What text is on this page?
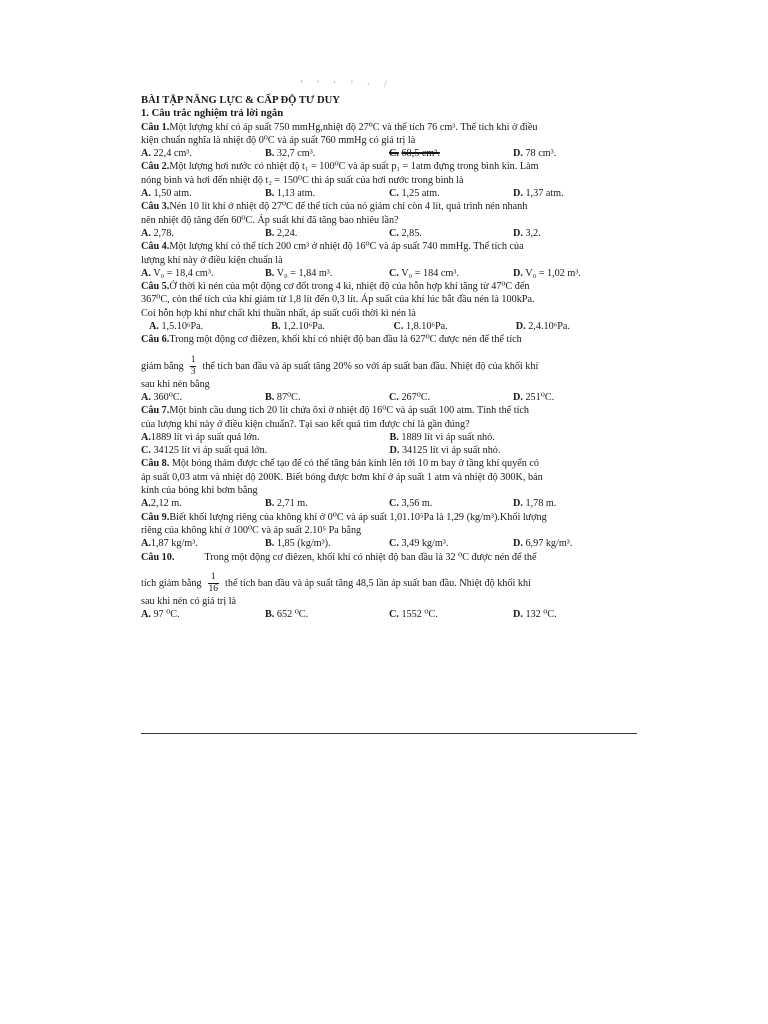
’ ’ ‘ ’ · /
BÀI TẬP NĂNG LỰC & CẤP ĐỘ TƯ DUY
1. Câu trắc nghiệm trả lời ngắn
Câu 1.Một lượng khí có áp suất 750 mmHg,nhiệt độ 27⁰C và thể tích 76 cm³. Thể tích khí ở điều
kiện chuẩn nghĩa là nhiệt độ 0⁰C và áp suất 760 mmHg có giá trị là
A. 22,4 cm³.	B. 32,7 cm³.	C. 68,5 cm³.	D. 78 cm³.
Câu 2.Một lượng hơi nước có nhiệt độ t₁ = 100⁰C và áp suất p₁ = 1atm đựng trong bình kín. Làm
nóng bình và hơi đến nhiệt độ t₂ = 150⁰C thì áp suất của hơi nước trong bình là
A. 1,50 atm.	B. 1,13 atm.	C. 1,25 atm.	D. 1,37 atm.
Câu 3.Nén 10 lít khí ở nhiệt độ 27⁰C để thể tích của nó giảm chỉ còn 4 lít, quá trình nén nhanh
nên nhiệt độ tăng đến 60⁰C. Áp suất khí đã tăng bao nhiêu lần?
A. 2,78.	B. 2,24.	C. 2,85.	D. 3,2.
Câu 4.Một lượng khí có thể tích 200 cm³ ở nhiệt độ 16⁰C và áp suất 740 mmHg. Thể tích của
lượng khí này ở điều kiện chuẩn là
A. V₀ = 18,4 cm³.	B. V₀ = 1,84 m³.	C. V₀ = 184 cm³.	D. V₀ = 1,02 m³.
Câu 5.Ở thời kì nén của một động cơ đốt trong 4 kì, nhiệt độ của hỗn hợp khí tăng từ 47⁰C đến
367⁰C, còn thể tích của khí giảm từ 1,8 lít đến 0,3 lít. Áp suất của khí lúc bắt đầu nén là 100kPa.
Coi hỗn hợp khí như chất khí thuần nhất, áp suất cuối thời kì nén là
A. 1,5.10⁶Pa.	B. 1,2.10⁶Pa.	C. 1,8.10⁶Pa.	D. 2,4.10⁶Pa.
Câu 6.Trong một động cơ điêzen, khối khí có nhiệt độ ban đầu là 627⁰C được nén để thể tích
giảm bằng $\frac{1}{3}$ thể tích ban đầu và áp suất tăng 20% so với áp suất ban đầu. Nhiệt độ của khối khí
sau khi nén bằng
A. 360⁰C.	B. 87⁰C.	C. 267⁰C.	D. 251⁰C.
Câu 7.Một bình cầu dung tích 20 lít chứa ôxi ở nhiệt độ 16⁰C và áp suất 100 atm. Tính thể tích
của lượng khí này ở điều kiện chuẩn?. Tại sao kết quả tìm được chỉ là gần đúng?
A.1889 lít vì áp suất quá lớn.	B. 1889 lít vì áp suất nhỏ.
C. 34125 lít vì áp suất quá lớn.	D. 34125 lít vì áp suất nhỏ.
Câu 8. Một bóng thám được chế tạo để có thể tăng bán kính lên tới 10 m bay ở tầng khí quyển có
áp suất 0,03 atm và nhiệt độ 200K. Biết bóng được bơm khí ở áp suất 1 atm và nhiệt độ 300K, bán
kính của bóng khi bơm bằng
A.2,12 m.	B. 2,71 m.	C. 3,56 m.	D. 1,78 m.
Câu 9.Biết khối lượng riêng của không khí ở 0⁰C và áp suất 1,01.10⁵Pa là 1,29 (kg/m³).Khối lượng
riêng của không khí ở 100⁰C và áp suất 2.10⁵ Pa bằng
A.1,87 kg/m³.	B. 1,85 (kg/m³).	C. 3,49 kg/m³.	D. 6,97 kg/m³.
Câu 10.	Trong một động cơ điêzen, khối khí có nhiệt độ ban đầu là 32 ⁰C được nén để thể
tích giảm bằng $\frac{1}{16}$ thể tích ban đầu và áp suất tăng 48,5 lần áp suất ban đầu. Nhiệt độ khối khí
sau khi nén có giá trị là
A. 97 ⁰C.	B. 652 ⁰C.	C. 1552 ⁰C.	D. 132 ⁰C.
